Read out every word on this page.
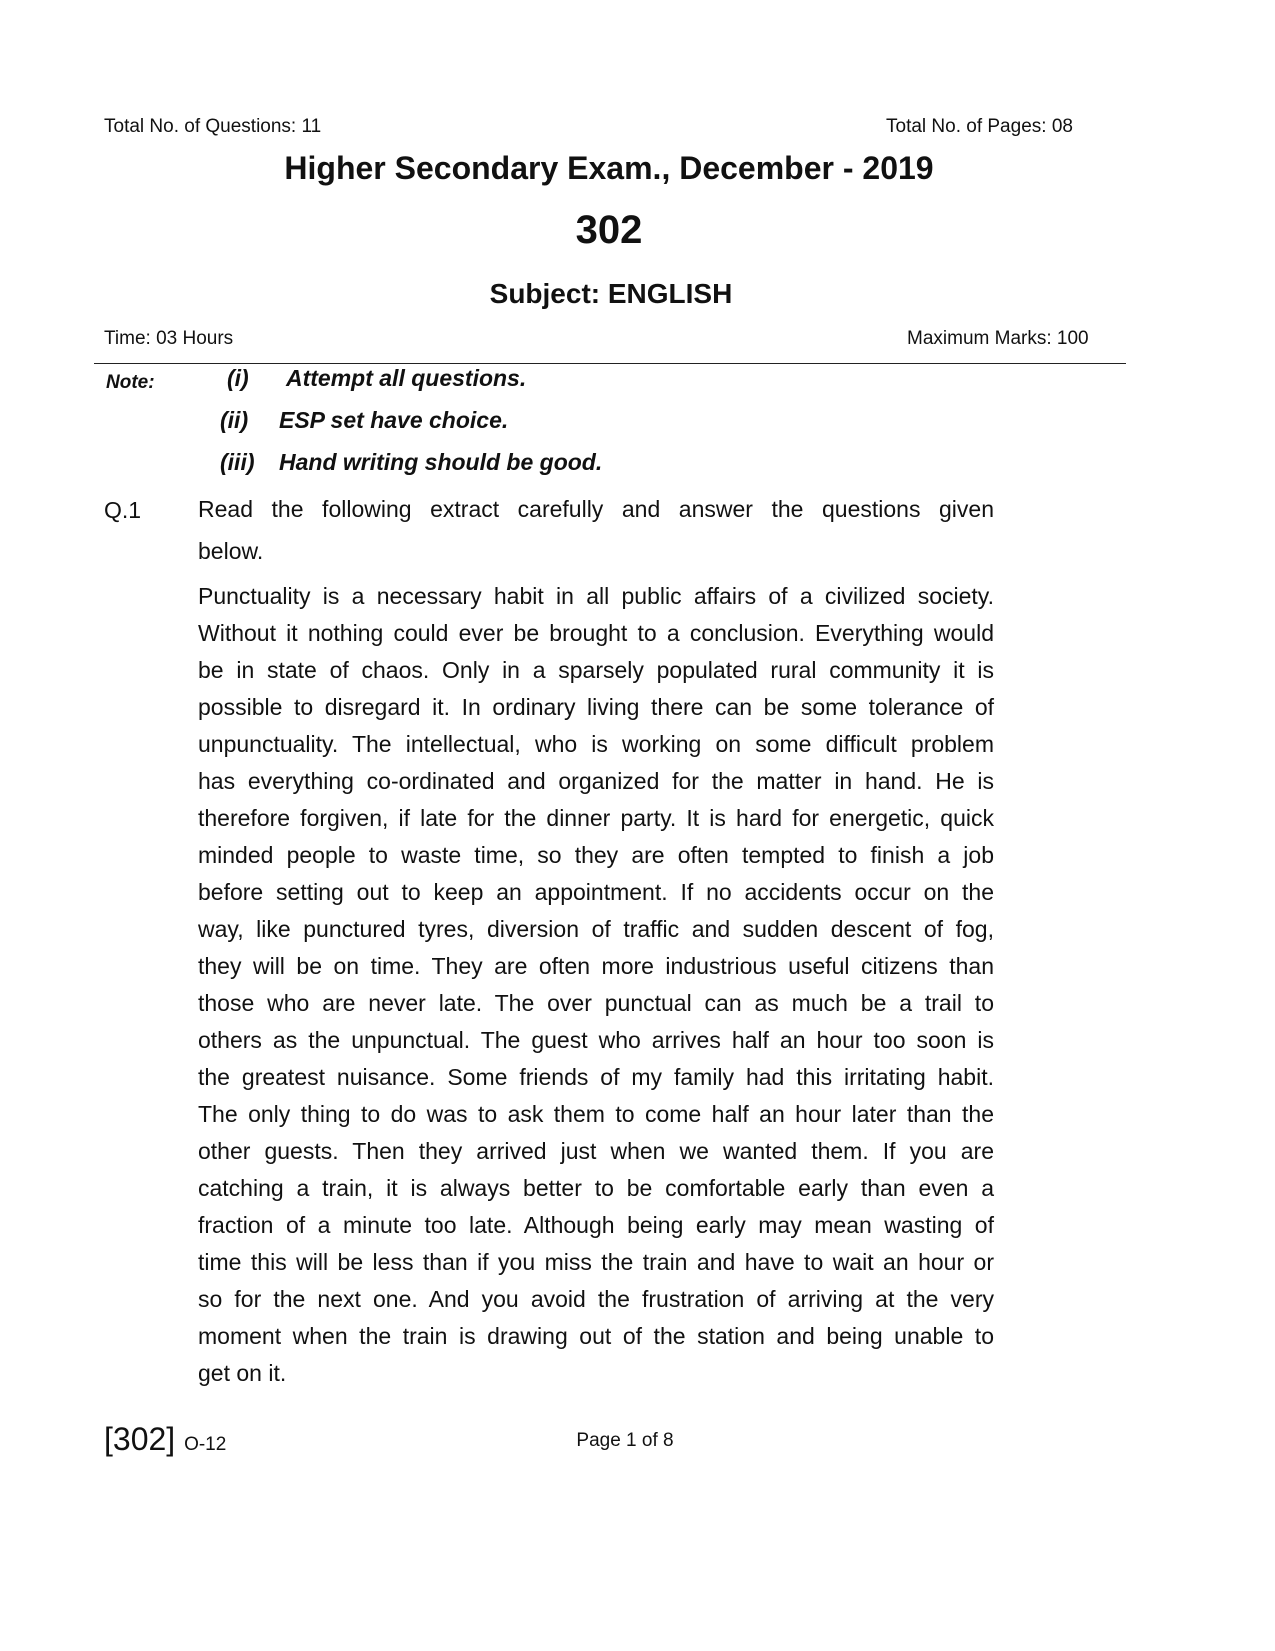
Total No. of Questions: 11	Total No. of Pages: 08
Higher Secondary Exam., December - 2019
302
Subject: ENGLISH
Time: 03 Hours	Maximum Marks: 100
Note:	(i) Attempt all questions.
(ii) ESP set have choice.
(iii) Hand writing should be good.
Q.1 Read the following extract carefully and answer the questions given
below.
Punctuality is a necessary habit in all public affairs of a civilized society.
Without it nothing could ever be brought to a conclusion. Everything would
be in state of chaos. Only in a sparsely populated rural community it is
possible to disregard it. In ordinary living there can be some tolerance of
unpunctuality. The intellectual, who is working on some difficult problem
has everything co-ordinated and organized for the matter in hand. He is
therefore forgiven, if late for the dinner party. It is hard for energetic, quick
minded people to waste time, so they are often tempted to finish a job
before setting out to keep an appointment. If no accidents occur on the
way, like punctured tyres, diversion of traffic and sudden descent of fog,
they will be on time. They are often more industrious useful citizens than
those who are never late. The over punctual can as much be a trail to
others as the unpunctual. The guest who arrives half an hour too soon is
the greatest nuisance. Some friends of my family had this irritating habit.
The only thing to do was to ask them to come half an hour later than the
other guests. Then they arrived just when we wanted them. If you are
catching a train, it is always better to be comfortable early than even a
fraction of a minute too late. Although being early may mean wasting of
time this will be less than if you miss the train and have to wait an hour or
so for the next one. And you avoid the frustration of arriving at the very
moment when the train is drawing out of the station and being unable to
get on it.
[302] O-12	Page 1 of 8
